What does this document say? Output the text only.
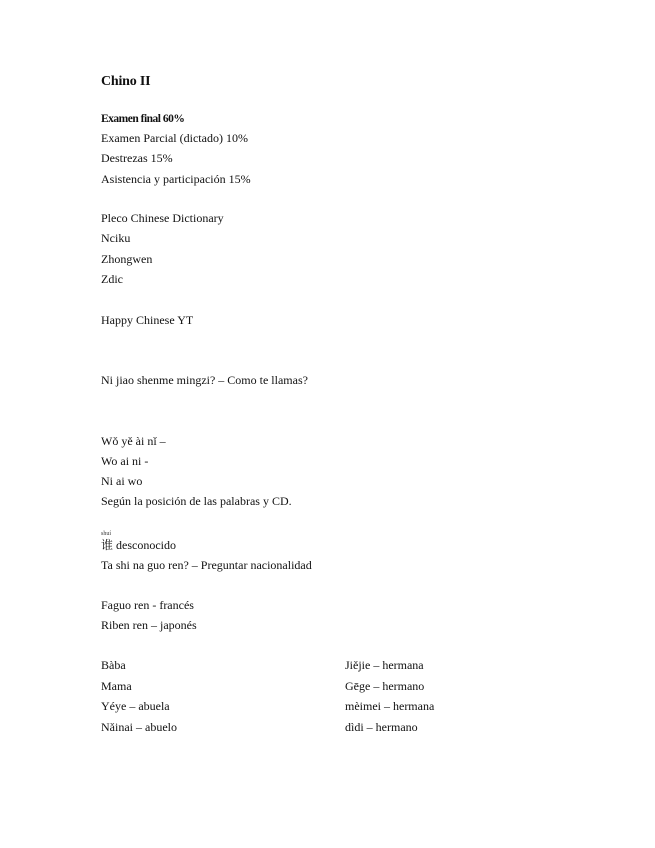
Chino II
Examen final 60%
Examen Parcial (dictado) 10%
Destrezas 15%
Asistencia y participación 15%
Pleco Chinese Dictionary
Nciku
Zhongwen
Zdic
Happy Chinese YT
Ni jiao shenme mingzi? – Como te llamas?
Wǒ yě ài nǐ –
Wo ai ni -
Ni ai wo
Según la posición de las palabras y CD.
shuí
谁 desconocido
Ta shi na guo ren? – Preguntar nacionalidad
Faguo ren - francés
Riben ren – japonés
Bàba
Mama
Yéye – abuela
Nǎinai – abuelo
Jiějie – hermana
Gēge – hermano
mèimei – hermana
dìdi – hermano
